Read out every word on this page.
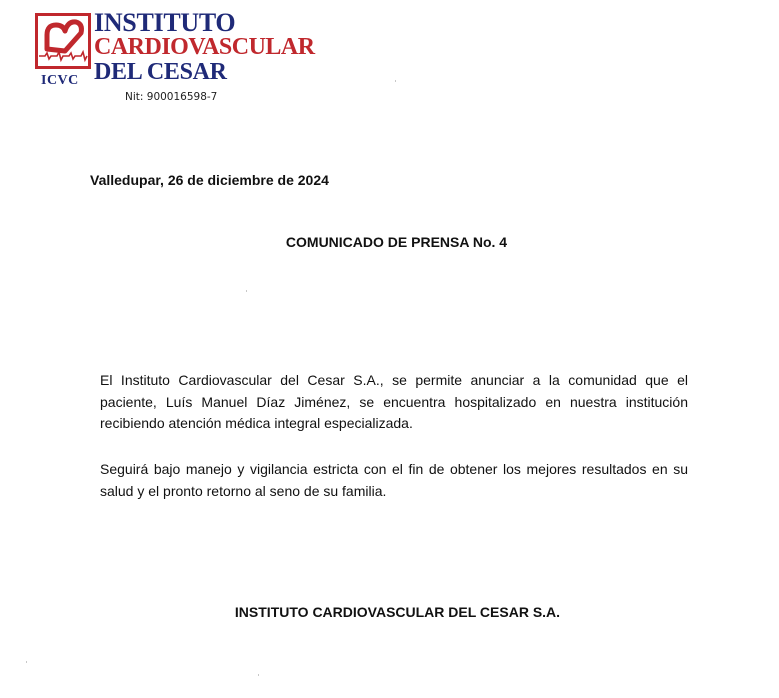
ICVC
INSTITUTO
CARDIOVASCULAR
DEL CESAR
Nit: 900016598-7
Valledupar, 26 de diciembre de 2024
COMUNICADO DE PRENSA No. 4

El Instituto Cardiovascular del Cesar S.A., se permite anunciar a la comunidad que el paciente, Luís Manuel Díaz Jiménez, se encuentra hospitalizado en nuestra institución recibiendo atención médica integral especializada.

Seguirá bajo manejo y vigilancia estricta con el fin de obtener los mejores resultados en su salud y el pronto retorno al seno de su familia.

INSTITUTO CARDIOVASCULAR DEL CESAR S.A.
